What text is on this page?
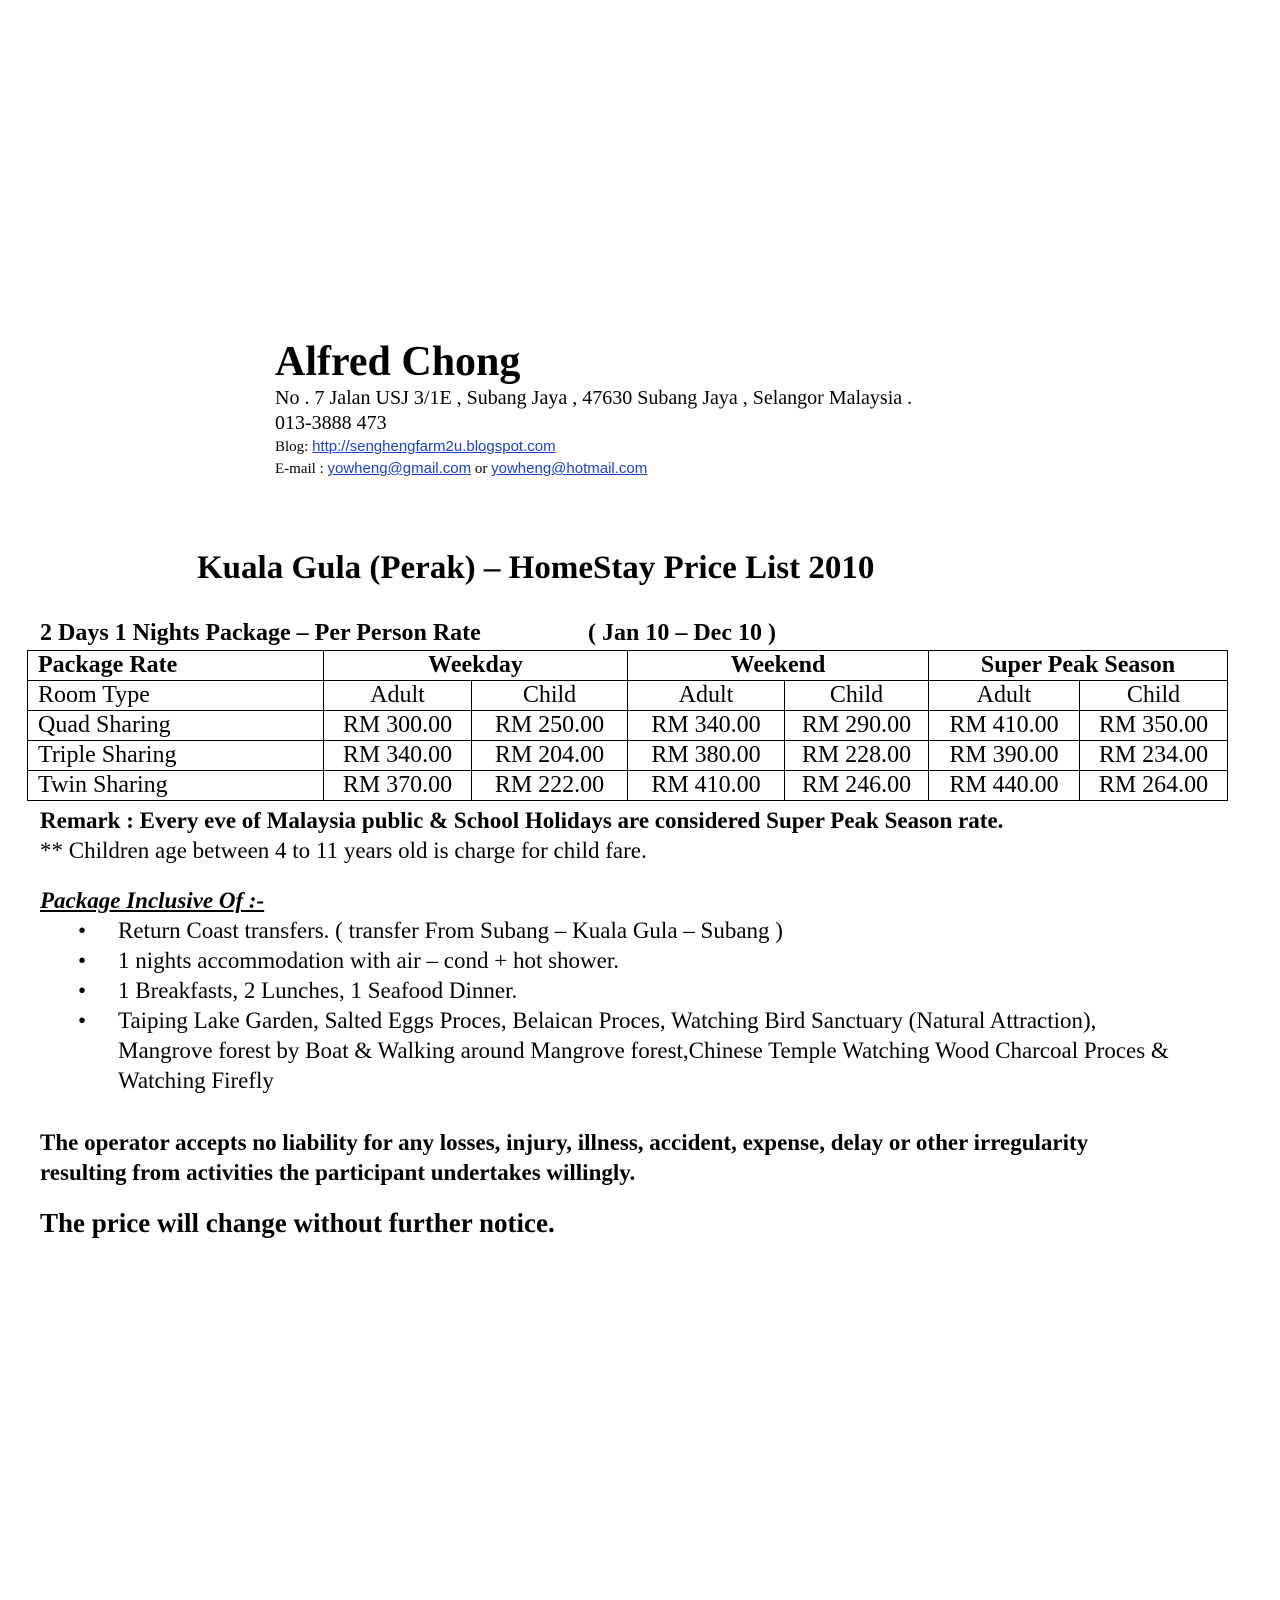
Alfred Chong
No . 7 Jalan USJ 3/1E , Subang Jaya , 47630 Subang Jaya , Selangor Malaysia .
013-3888 473
Blog: http://senghengfarm2u.blogspot.com
E-mail : yowheng@gmail.com or yowheng@hotmail.com
Kuala Gula (Perak) – HomeStay Price List 2010
2 Days 1 Nights Package – Per Person Rate	( Jan 10 – Dec 10 )
Package Rate	Weekday		Weekend		Super Peak Season	
Room Type	Adult	Child	Adult	Child	Adult	Child
Quad Sharing	RM 300.00	RM 250.00	RM 340.00	RM 290.00	RM 410.00	RM 350.00
Triple Sharing	RM 340.00	RM 204.00	RM 380.00	RM 228.00	RM 390.00	RM 234.00
Twin Sharing	RM 370.00	RM 222.00	RM 410.00	RM 246.00	RM 440.00	RM 264.00
Remark : Every eve of Malaysia public & School Holidays are considered Super Peak Season rate.
** Children age between 4 to 11 years old is charge for child fare.
Package Inclusive Of :-
• Return Coast transfers. ( transfer From Subang – Kuala Gula – Subang )
• 1 nights accommodation with air – cond + hot shower.
• 1 Breakfasts, 2 Lunches, 1 Seafood Dinner.
• Taiping Lake Garden, Salted Eggs Proces, Belaican Proces, Watching Bird Sanctuary (Natural Attraction), Mangrove forest by Boat & Walking around Mangrove forest,Chinese Temple Watching Wood Charcoal Proces & Watching Firefly
The operator accepts no liability for any losses, injury, illness, accident, expense, delay or other irregularity resulting from activities the participant undertakes willingly.
The price will change without further notice.
